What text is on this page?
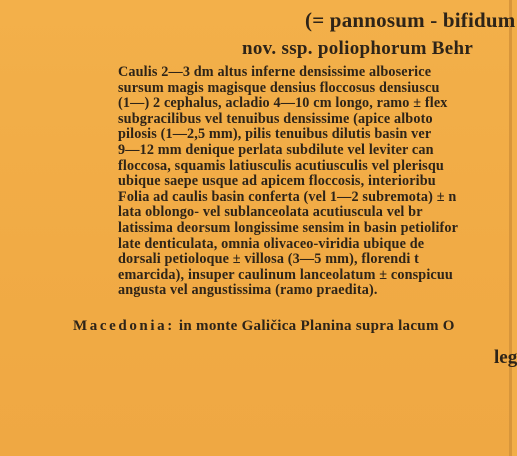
(= pannosum - bifidum
nov. ssp. poliophorum Behr
Caulis 2—3 dm altus inferne densissime alboserice
sursum magis magisque densius floccosus densiuscu
(1—) 2 cephalus, acladio 4—10 cm longo, ramo ± flex
subgracilibus vel tenuibus densissime (apice alboto
pilosis (1—2,5 mm), pilis tenuibus dilutis basin ver
9—12 mm denique perlata subdilute vel leviter can
floccosa, squamis latiusculis acutiusculis vel plerisqu
ubique saepe usque ad apicem floccosis, interioribu
Folia ad caulis basin conferta (vel 1—2 subremota) ± n
lata oblongo- vel sublanceolata acutiuscula vel br
latissima deorsum longissime sensim in basin petiolifor
late denticulata, omnia olivaceo-viridia ubique de
dorsali petioloque ± villosa (3—5 mm), florendi t
emarcida), insuper caulinum lanceolatum ± conspicuu
angusta vel angustissima (ramo praedita).
Macedonia: in monte Galičica Planina supra lacum O
leg
